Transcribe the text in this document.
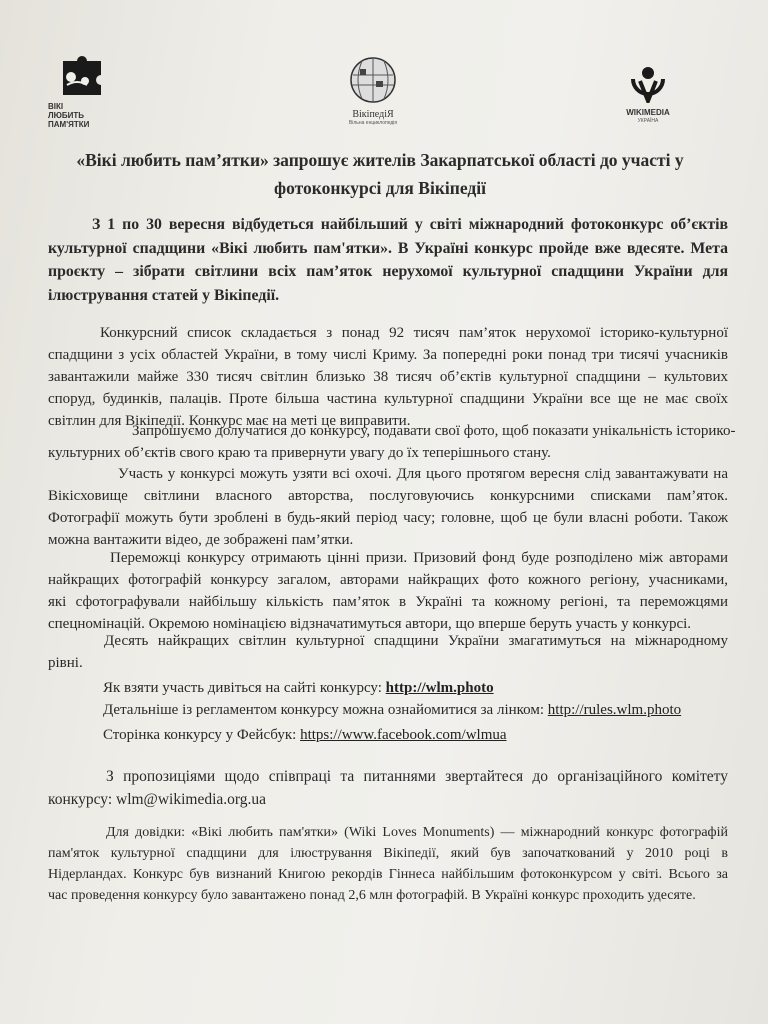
ВІКІ
ЛЮБИТЬ
ПАМ'ЯТКИ
ВікіпедіЯ
Вільна енциклопедія
WIKIMEDIA
УКРАЇНА
«Вікі любить пам’ятки» запрошує жителів Закарпатської області до участі у
фотоконкурсі для Вікіпедії
З 1 по 30 вересня відбудеться найбільший у світі міжнародний фотоконкурс об’єктів
культурної спадщини «Вікі любить пам'ятки». В Україні конкурс пройде вже вдесяте. Мета
проєкту – зібрати світлини всіх пам’яток нерухомої культурної спадщини України для
ілюстрування статей у Вікіпедії.
Конкурсний список складається з понад 92 тисяч пам’яток нерухомої історико-культурної
спадщини з усіх областей України, в тому числі Криму. За попередні роки понад три тисячі учасників
завантажили майже 330 тисяч світлин близько 38 тисяч об’єктів культурної спадщини – культових
споруд, будинків, палаців. Проте більша частина культурної спадщини України все ще не має своїх
світлин для Вікіпедії. Конкурс має на меті це виправити.
Запрошуємо долучатися до конкурсу, подавати свої фото, щоб показати унікальність історико-
культурних об’єктів свого краю та привернути увагу до їх теперішнього стану.
Участь у конкурсі можуть узяти всі охочі. Для цього протягом вересня слід завантажувати на
Вікісховище світлини власного авторства, послуговуючись конкурсними списками пам’яток.
Фотографії можуть бути зроблені в будь-який період часу; головне, щоб це були власні роботи. Також
можна вантажити відео, де зображені пам’ятки.
Переможці конкурсу отримають цінні призи. Призовий фонд буде розподілено між авторами
найкращих фотографій конкурсу загалом, авторами найкращих фото кожного регіону, учасниками,
які сфотографували найбільшу кількість пам’яток в Україні та кожному регіоні, та переможцями
спецномінацій. Окремою номінацією відзначатимуться автори, що вперше беруть участь у конкурсі.
Десять найкращих світлин культурної спадщини України змагатимуться на міжнародному
рівні.
Як взяти участь дивіться на сайті конкурсу: http://wlm.photo
Детальніше із регламентом конкурсу можна ознайомитися за лінком: http://rules.wlm.photo
Сторінка конкурсу у Фейсбук: https://www.facebook.com/wlmua
З пропозиціями щодо співпраці та питаннями звертайтеся до організаційного комітету
конкурсу: wlm@wikimedia.org.ua
Для довідки: «Вікі любить пам'ятки» (Wiki Loves Monuments) — міжнародний конкурс фотографій
пам'яток культурної спадщини для ілюстрування Вікіпедії, який був започаткований у 2010 році в
Нідерландах. Конкурс був визнаний Книгою рекордів Гіннеса найбільшим фотоконкурсом у світі. Всього за
час проведення конкурсу було завантажено понад 2,6 млн фотографій. В Україні конкурс проходить удесяте.
